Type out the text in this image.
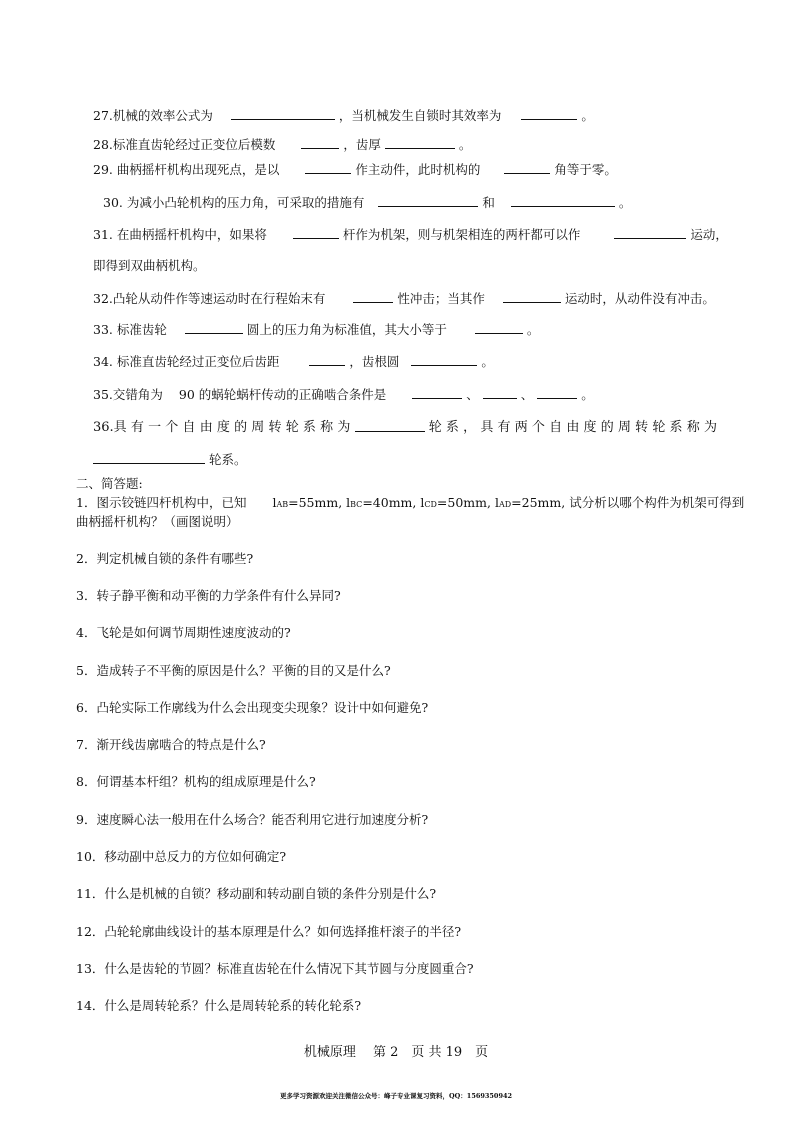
27.机械的效率公式为	，当机械发生自锁时其效率为	。
28.标准直齿轮经过正变位后模数	，齿厚	。
29. 曲柄摇杆机构出现死点，是以	作主动件，此时机构的	角等于零。
30. 为减小凸轮机构的压力角，可采取的措施有	和	。
31. 在曲柄摇杆机构中，如果将	杆作为机架，则与机架相连的两杆都可以作	运动，
即得到双曲柄机构。
32.凸轮从动件作等速运动时在行程始末有	性冲击；当其作	运动时，从动件没有冲击。
33. 标准齿轮	圆上的压力角为标准值，其大小等于	。
34. 标准直齿轮经过正变位后齿距	，齿根圆	。
35.交错角为 90 的蜗轮蜗杆传动的正确啮合条件是	、	、	。
36.具 有 一 个 自 由 度 的 周 转 轮 系 称 为	轮 系 ， 具 有 两 个 自 由 度 的 周 转 轮 系 称 为
轮系。
二、简答题:
1．图示铰链四杆机构中，已知 lAB=55mm, lBC=40mm, lCD=50mm, lAD=25mm, 试分析以哪个构件为机架可得到
曲柄摇杆机构？（画图说明）
2．判定机械自锁的条件有哪些?
3．转子静平衡和动平衡的力学条件有什么异同?
4．飞轮是如何调节周期性速度波动的?
5．造成转子不平衡的原因是什么？平衡的目的又是什么?
6．凸轮实际工作廓线为什么会出现变尖现象？设计中如何避免?
7．渐开线齿廓啮合的特点是什么?
8．何谓基本杆组？机构的组成原理是什么?
9．速度瞬心法一般用在什么场合？能否利用它进行加速度分析?
10．移动副中总反力的方位如何确定?
11．什么是机械的自锁？移动副和转动副自锁的条件分别是什么?
12．凸轮轮廓曲线设计的基本原理是什么？如何选择推杆滚子的半径?
13．什么是齿轮的节圆？标准直齿轮在什么情况下其节圆与分度圆重合?
14．什么是周转轮系？什么是周转轮系的转化轮系?
机械原理　 第 2　页 共 19　页
更多学习资源欢迎关注微信公众号：峰子专业课复习资料，QQ：1569350942
